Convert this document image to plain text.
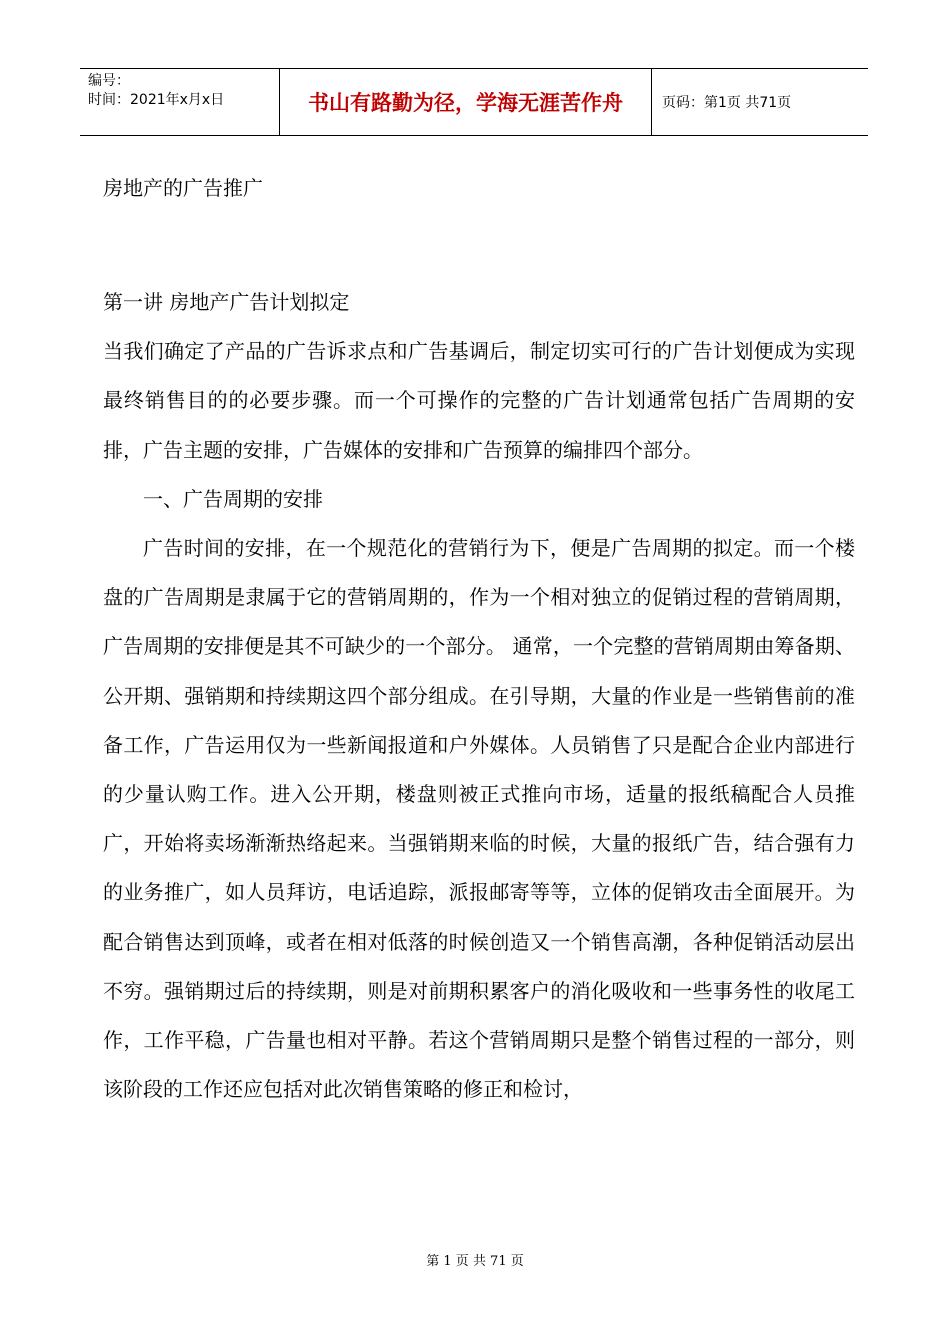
编号：
时间：2021年x月x日	书山有路勤为径，学海无涯苦作舟	页码：第1页 共71页
房地产的广告推广

第一讲 房地产广告计划拟定

当我们确定了产品的广告诉求点和广告基调后，制定切实可行的广告计划便成为实现最终销售目的的必要步骤。而一个可操作的完整的广告计划通常包括广告周期的安排，广告主题的安排，广告媒体的安排和广告预算的编排四个部分。

一、广告周期的安排

广告时间的安排，在一个规范化的营销行为下，便是广告周期的拟定。而一个楼盘的广告周期是隶属于它的营销周期的，作为一个相对独立的促销过程的营销周期，广告周期的安排便是其不可缺少的一个部分。 通常，一个完整的营销周期由筹备期、公开期、强销期和持续期这四个部分组成。在引导期，大量的作业是一些销售前的准备工作，广告运用仅为一些新闻报道和户外媒体。人员销售了只是配合企业内部进行的少量认购工作。进入公开期，楼盘则被正式推向市场，适量的报纸稿配合人员推广，开始将卖场渐渐热络起来。当强销期来临的时候，大量的报纸广告，结合强有力的业务推广，如人员拜访，电话追踪，派报邮寄等等，立体的促销攻击全面展开。为配合销售达到顶峰，或者在相对低落的时候创造又一个销售高潮，各种促销活动层出不穷。强销期过后的持续期，则是对前期积累客户的消化吸收和一些事务性的收尾工作，工作平稳，广告量也相对平静。若这个营销周期只是整个销售过程的一部分，则该阶段的工作还应包括对此次销售策略的修正和检讨，

第 1 页 共 71 页
